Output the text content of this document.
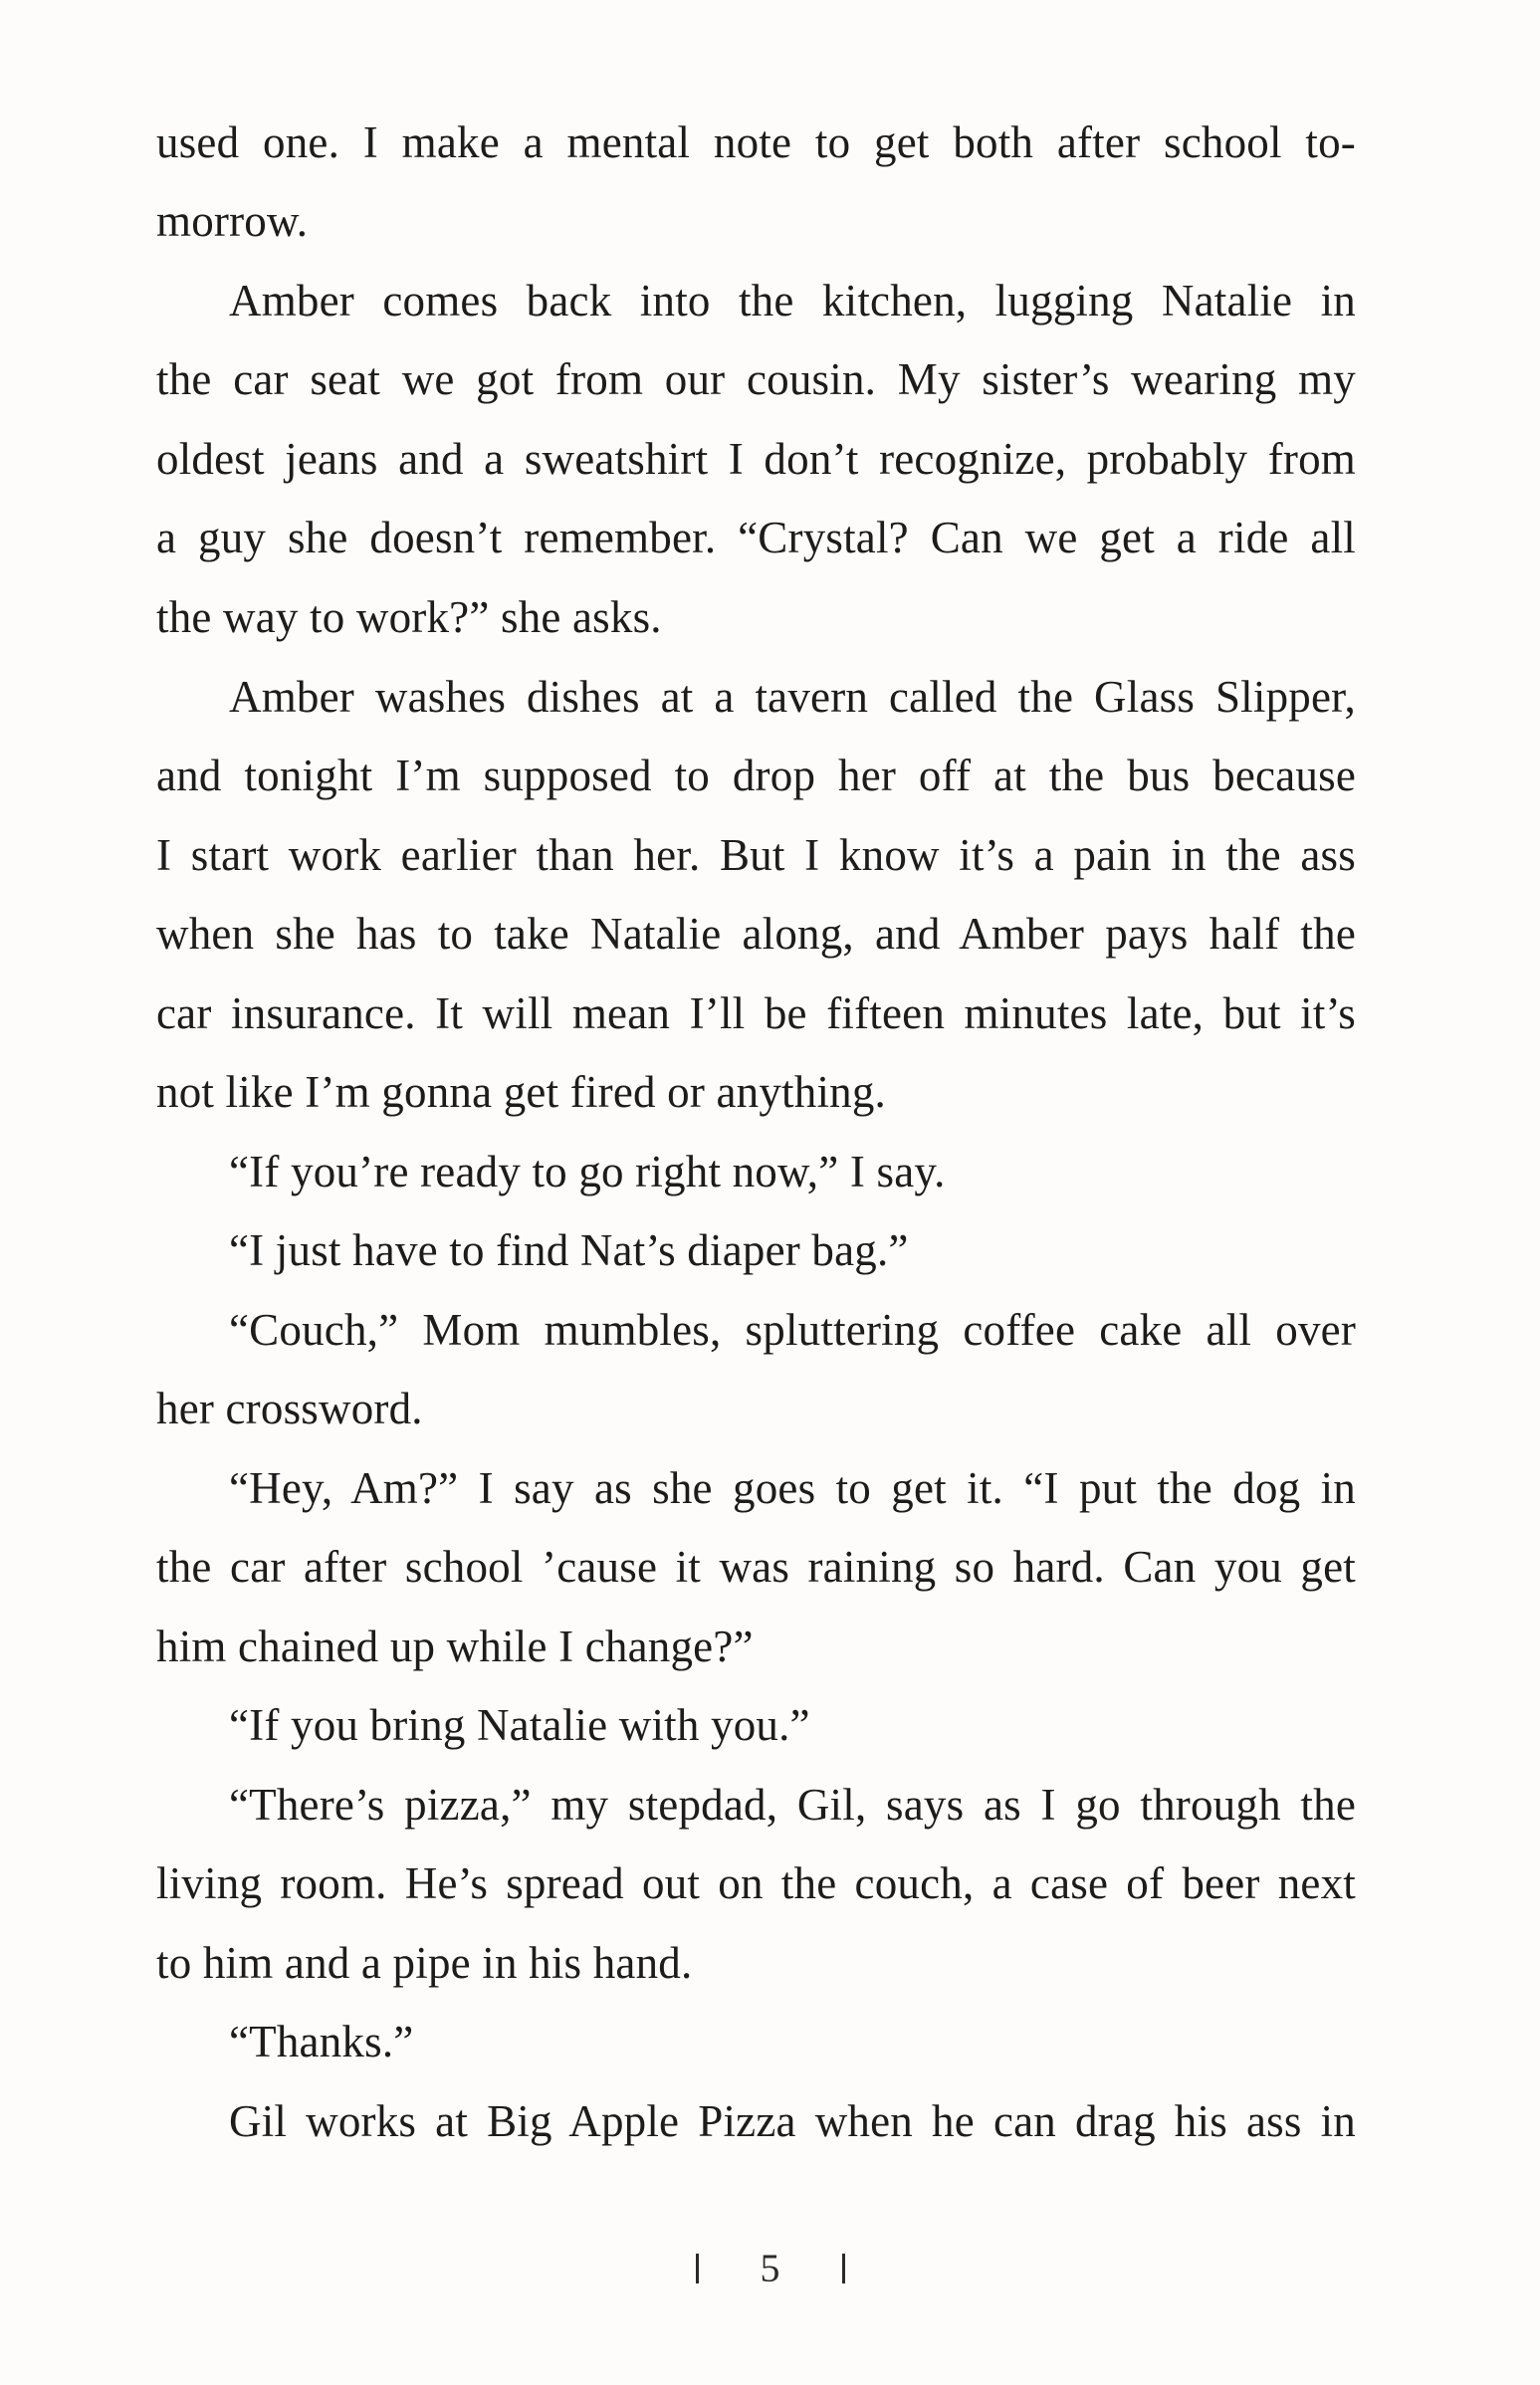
used one. I make a mental note to get both after school to-
morrow.
Amber comes back into the kitchen, lugging Natalie in
the car seat we got from our cousin. My sister’s wearing my
oldest jeans and a sweatshirt I don’t recognize, probably from
a guy she doesn’t remember. “Crystal? Can we get a ride all
the way to work?” she asks.
Amber washes dishes at a tavern called the Glass Slipper,
and tonight I’m supposed to drop her off at the bus because
I start work earlier than her. But I know it’s a pain in the ass
when she has to take Natalie along, and Amber pays half the
car insurance. It will mean I’ll be fifteen minutes late, but it’s
not like I’m gonna get fired or anything.
“If you’re ready to go right now,” I say.
“I just have to find Nat’s diaper bag.”
“Couch,” Mom mumbles, spluttering coffee cake all over
her crossword.
“Hey, Am?” I say as she goes to get it. “I put the dog in
the car after school ’cause it was raining so hard. Can you get
him chained up while I change?”
“If you bring Natalie with you.”
“There’s pizza,” my stepdad, Gil, says as I go through the
living room. He’s spread out on the couch, a case of beer next
to him and a pipe in his hand.
“Thanks.”
Gil works at Big Apple Pizza when he can drag his ass in
5
